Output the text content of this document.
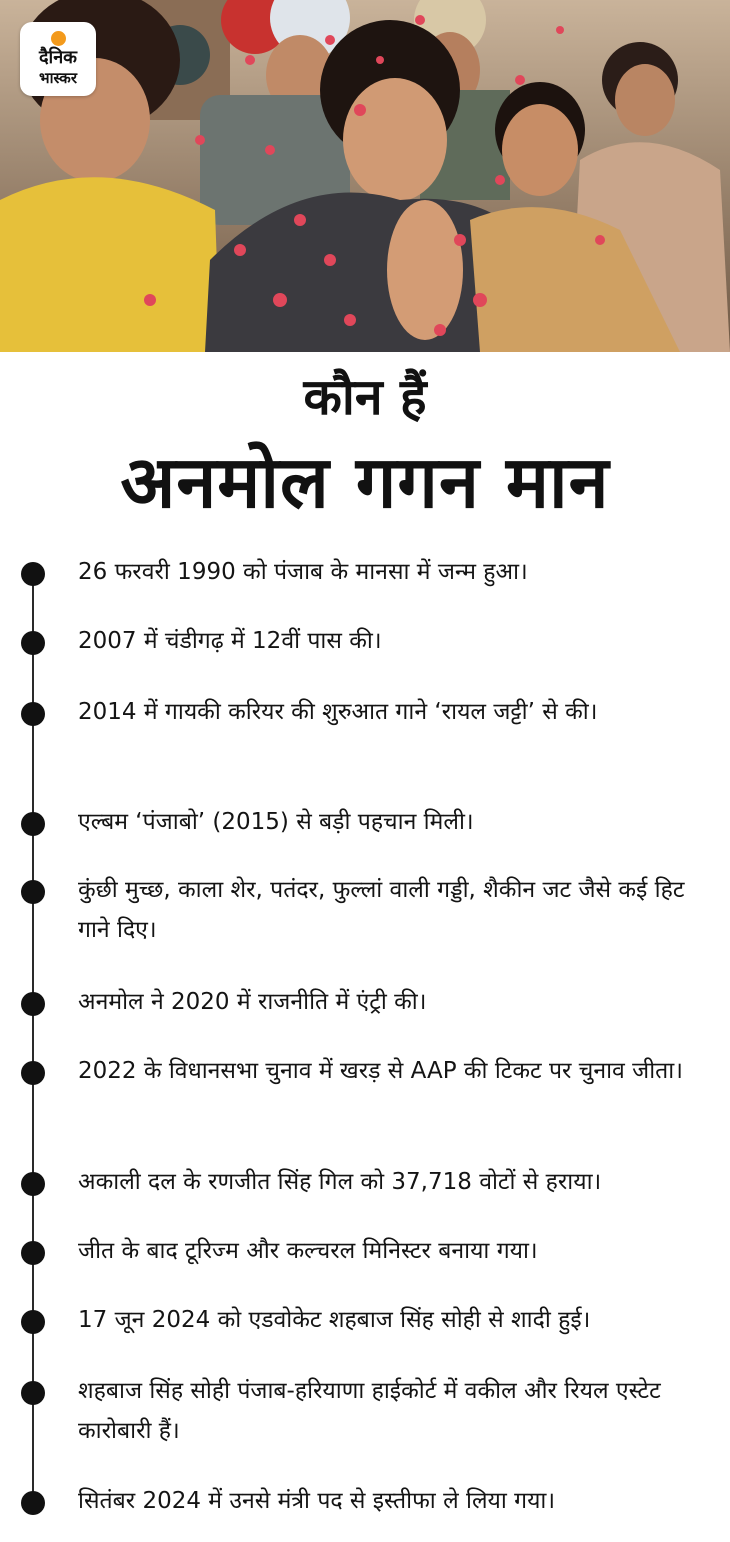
दैनिक
भास्कर
कौन हैं
अनमोल गगन मान
26 फरवरी 1990 को पंजाब के मानसा में जन्म हुआ।
2007 में चंडीगढ़ में 12वीं पास की।
2014 में गायकी करियर की शुरुआत गाने ‘रायल जट्टी’ से की।
एल्बम ‘पंजाबो’ (2015) से बड़ी पहचान मिली।
कुंछी मुच्छ, काला शेर, पतंदर, फुल्लां वाली गड्डी, शैकीन जट जैसे कई हिट गाने दिए।
अनमोल ने 2020 में राजनीति में एंट्री की।
2022 के विधानसभा चुनाव में खरड़ से AAP की टिकट पर चुनाव जीता।
अकाली दल के रणजीत सिंह गिल को 37,718 वोटों से हराया।
जीत के बाद टूरिज्म और कल्चरल मिनिस्टर बनाया गया।
17 जून 2024 को एडवोकेट शहबाज सिंह सोही से शादी हुई।
शहबाज सिंह सोही पंजाब-हरियाणा हाईकोर्ट में वकील और रियल एस्टेट कारोबारी हैं।
सितंबर 2024 में उनसे मंत्री पद से इस्तीफा ले लिया गया।
